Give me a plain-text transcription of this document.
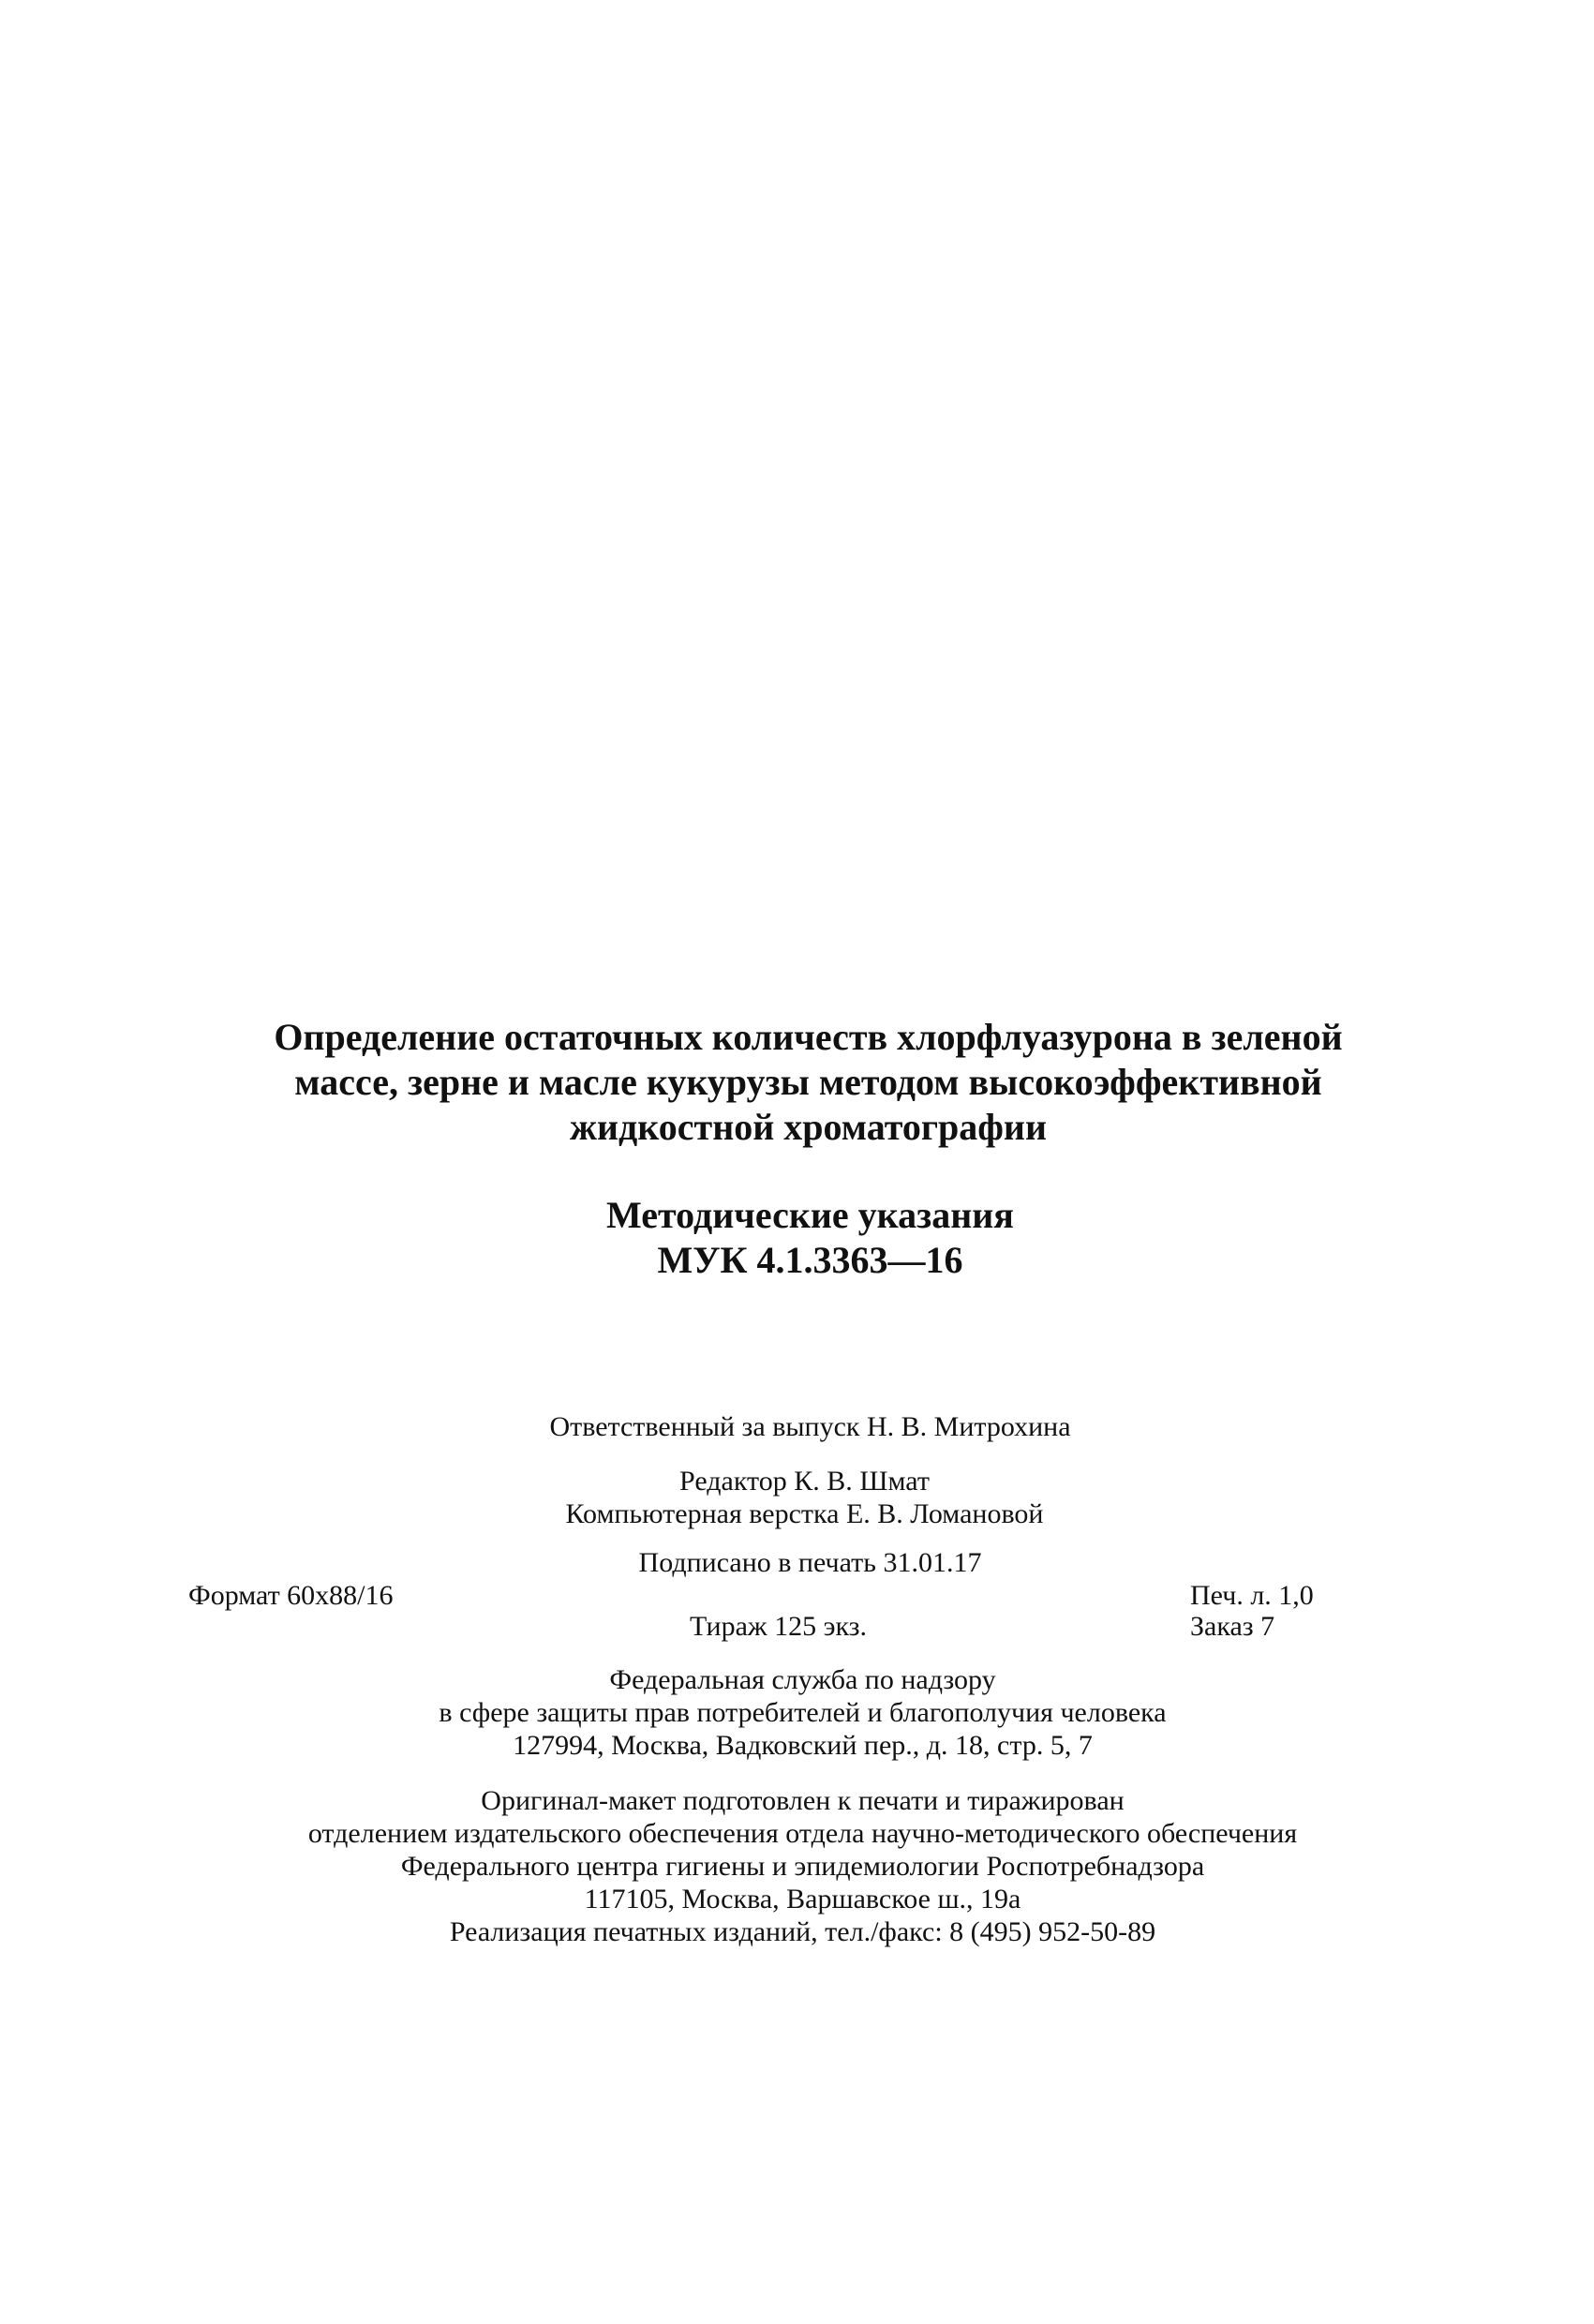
Определение остаточных количеств хлорфлуазурона в зеленой
массе, зерне и масле кукурузы методом высокоэффективной
жидкостной хроматографии
Методические указания
МУК 4.1.3363—16
Ответственный за выпуск Н. В. Митрохина
Редактор К. В. Шмат
Компьютерная верстка Е. В. Ломановой
Подписано в печать 31.01.17
Формат 60x88/16	Печ. л. 1,0
Тираж 125 экз.	Заказ 7
Федеральная служба по надзору
в сфере защиты прав потребителей и благополучия человека
127994, Москва, Вадковский пер., д. 18, стр. 5, 7
Оригинал-макет подготовлен к печати и тиражирован
отделением издательского обеспечения отдела научно-методического обеспечения
Федерального центра гигиены и эпидемиологии Роспотребнадзора
117105, Москва, Варшавское ш., 19а
Реализация печатных изданий, тел./факс: 8 (495) 952-50-89
